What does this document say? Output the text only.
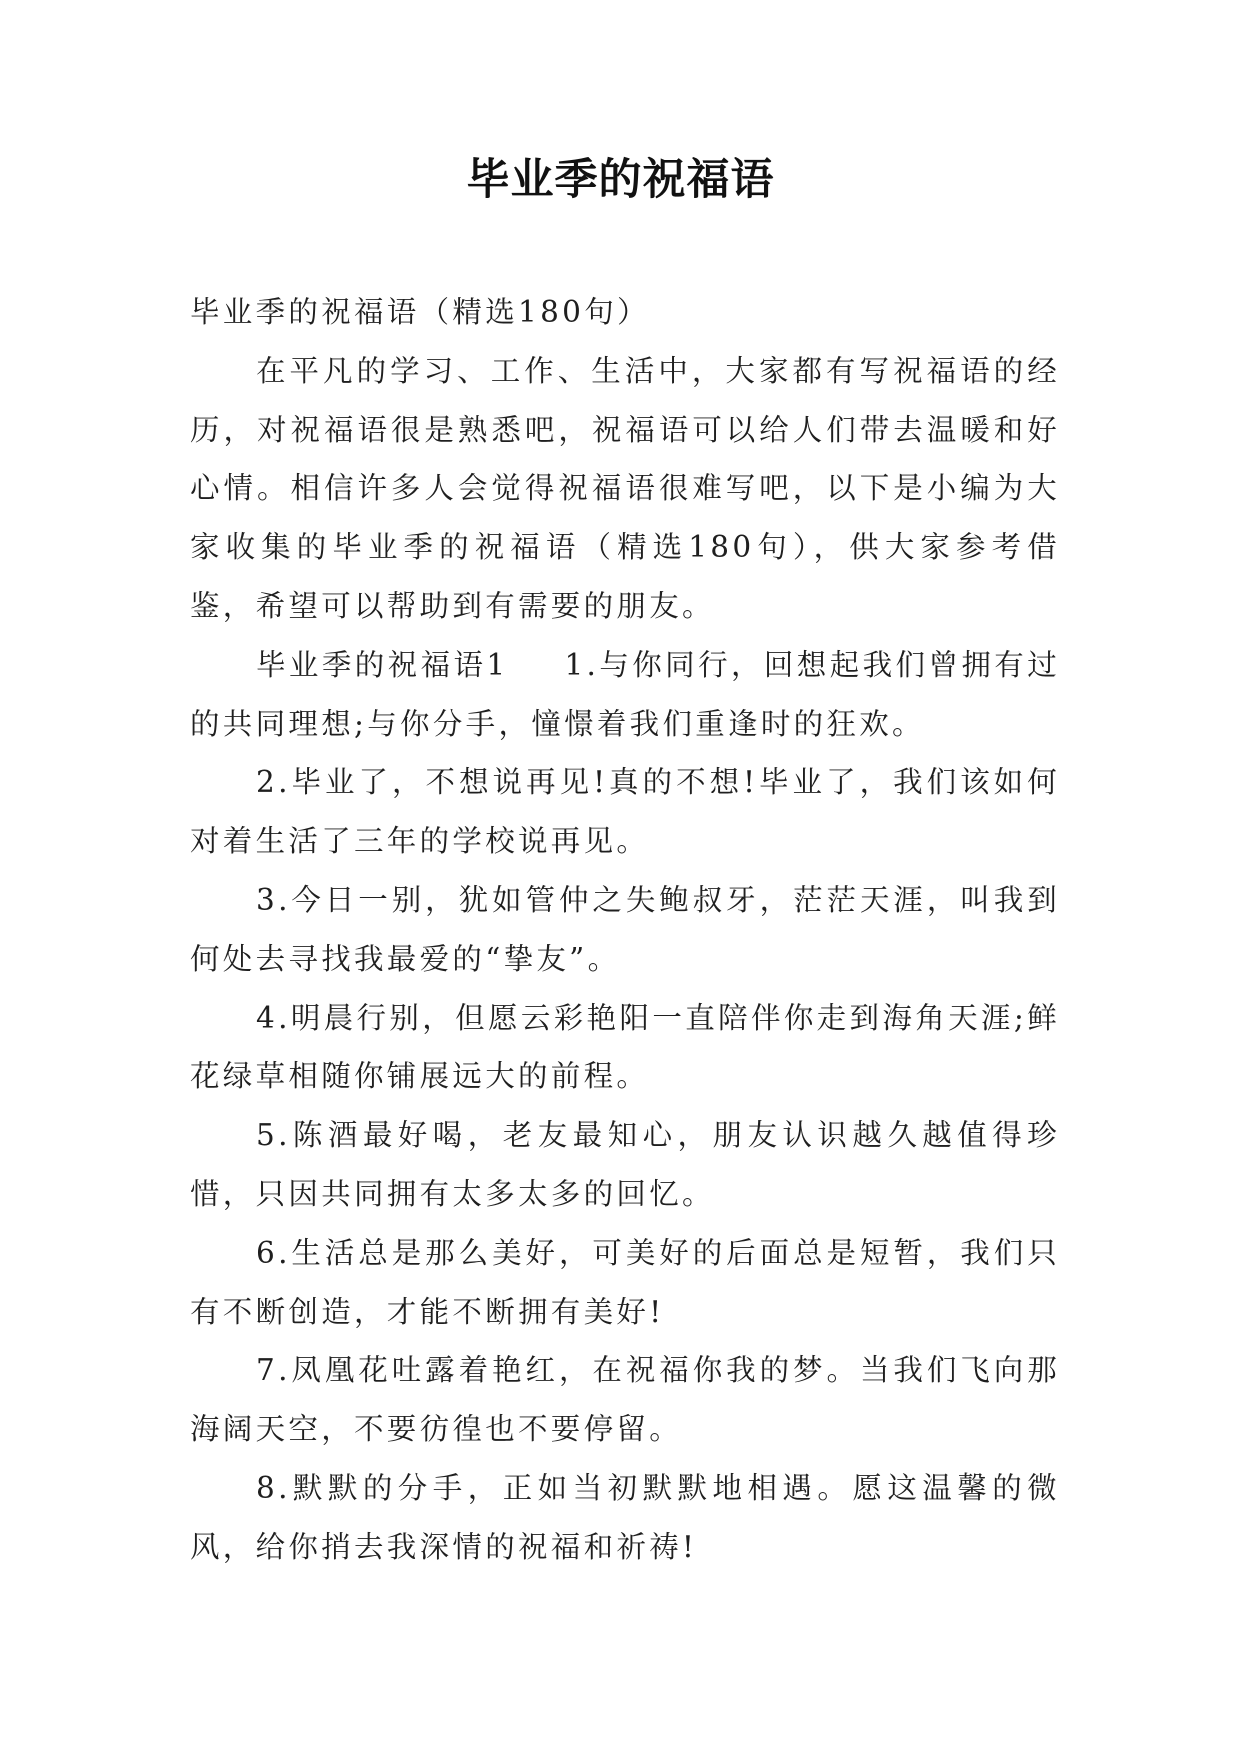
毕业季的祝福语

毕业季的祝福语（精选180句）

在平凡的学习、工作、生活中，大家都有写祝福语的经历，对祝福语很是熟悉吧，祝福语可以给人们带去温暖和好心情。相信许多人会觉得祝福语很难写吧，以下是小编为大家收集的毕业季的祝福语（精选180句），供大家参考借鉴，希望可以帮助到有需要的朋友。

毕业季的祝福语1 1.与你同行，回想起我们曾拥有过的共同理想;与你分手，憧憬着我们重逢时的狂欢。

2.毕业了，不想说再见!真的不想!毕业了，我们该如何对着生活了三年的学校说再见。

3.今日一别，犹如管仲之失鲍叔牙，茫茫天涯，叫我到何处去寻找我最爱的“挚友”。

4.明晨行别，但愿云彩艳阳一直陪伴你走到海角天涯;鲜花绿草相随你铺展远大的前程。

5.陈酒最好喝，老友最知心，朋友认识越久越值得珍惜，只因共同拥有太多太多的回忆。

6.生活总是那么美好，可美好的后面总是短暂，我们只有不断创造，才能不断拥有美好!

7.凤凰花吐露着艳红，在祝福你我的梦。当我们飞向那海阔天空，不要彷徨也不要停留。

8.默默的分手，正如当初默默地相遇。愿这温馨的微风，给你捎去我深情的祝福和祈祷!
